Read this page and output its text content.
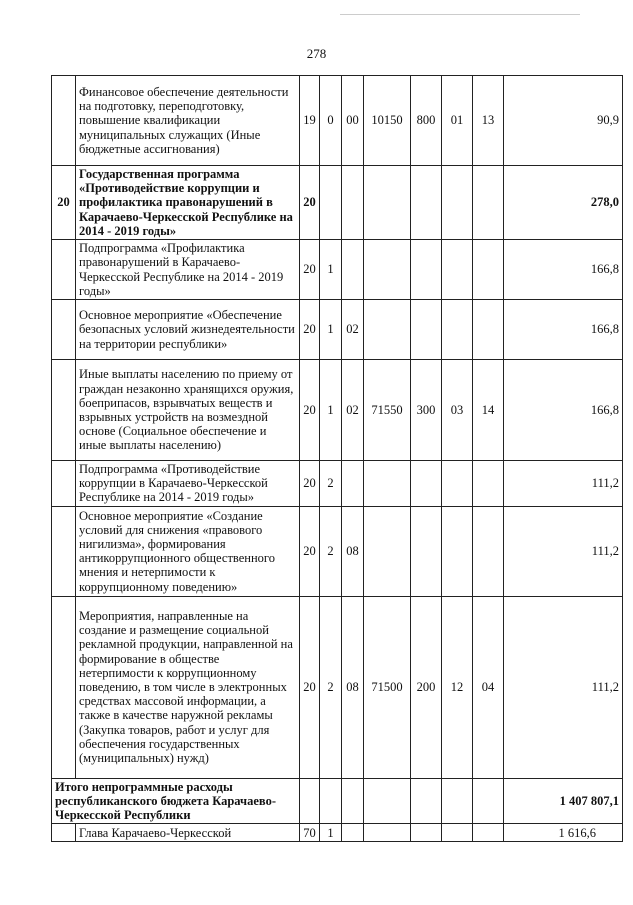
278
	Финансовое обеспечение деятельности на подготовку, переподготовку, повышение квалификации муниципальных служащих (Иные бюджетные ассигнования)	19	0	00	10150	800	01	13	90,9
20	Государственная программа «Противодействие коррупции и профилактика правонарушений в Карачаево-Черкесской Республике на 2014 - 2019 годы»	20							278,0
	Подпрограмма «Профилактика правонарушений в Карачаево-Черкесской Республике на 2014 - 2019 годы»	20	1						166,8
	Основное мероприятие «Обеспечение безопасных условий жизнедеятельности на территории республики»	20	1	02					166,8
	Иные выплаты населению по приему от граждан незаконно хранящихся оружия, боеприпасов, взрывчатых веществ и взрывных устройств на возмездной основе (Социальное обеспечение и иные выплаты населению)	20	1	02	71550	300	03	14	166,8
	Подпрограмма «Противодействие коррупции в Карачаево-Черкесской Республике на 2014 - 2019 годы»	20	2						111,2
	Основное мероприятие «Создание условий для снижения «правового нигилизма», формирования антикоррупционного общественного мнения и нетерпимости к коррупционному поведению»	20	2	08					111,2
	Мероприятия, направленные на создание и размещение социальной рекламной продукции, направленной на формирование в обществе нетерпимости к коррупционному поведению, в том числе в электронных средствах массовой информации, а также в качестве наружной рекламы (Закупка товаров, работ и услуг для обеспечения государственных (муниципальных) нужд)	20	2	08	71500	200	12	04	111,2
Итого непрограммные расходы республиканского бюджета Карачаево-Черкесской Республики									1 407 807,1
	Глава Карачаево-Черкесской	70	1						1 616,6
